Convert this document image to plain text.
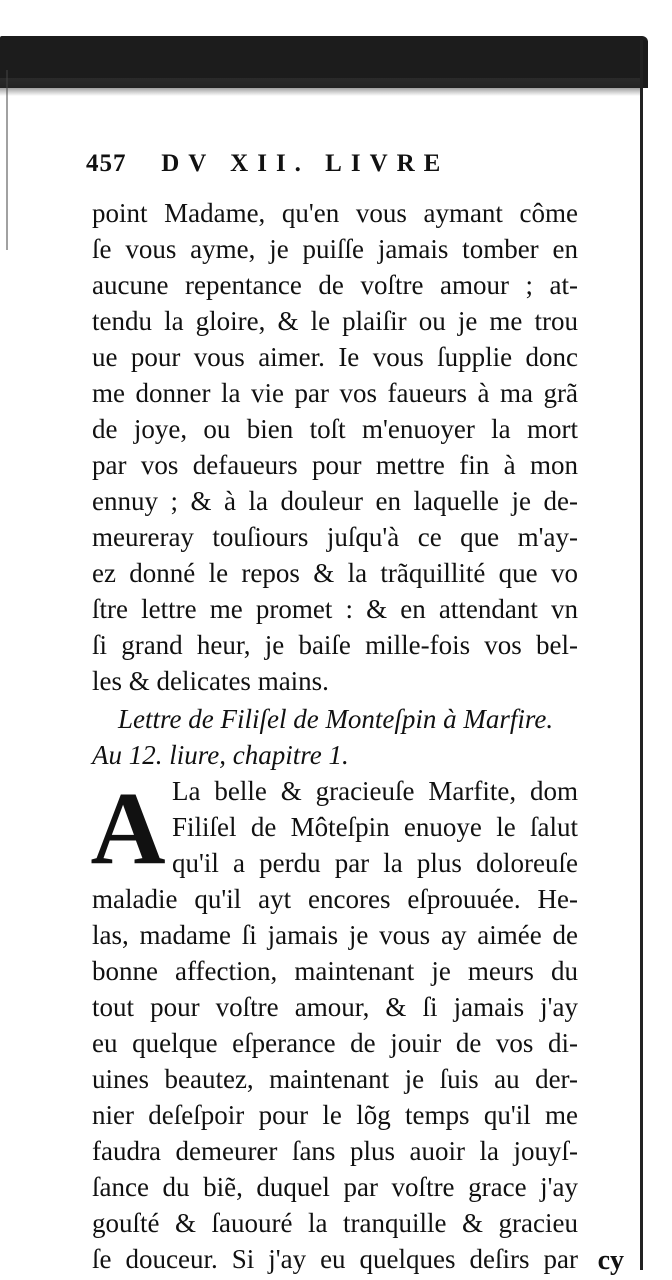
457 DV XII. LIVRE
point Madame, qu'en vous aymant côme
ſe vous ayme, je puiſſe jamais tomber en
aucune repentance de voſtre amour ; at-
tendu la gloire, & le plaiſir ou je me trou
ue pour vous aimer. Ie vous ſupplie donc
me donner la vie par vos faueurs à ma grã
de joye, ou bien toſt m'enuoyer la mort
par vos defaueurs pour mettre fin à mon
ennuy ; & à la douleur en laquelle je de-
meureray touſiours juſqu'à ce que m'ay-
ez donné le repos & la trãquillité que vo
ſtre lettre me promet : & en attendant vn
ſi grand heur, je baiſe mille-fois vos bel-
les & delicates mains.
Lettre de Filiſel de Monteſpin à Marfire.
Au 12. liure, chapitre 1.
A La belle & gracieuſe Marfite, dom
Filiſel de Môteſpin enuoye le ſalut
qu'il a perdu par la plus doloreuſe
maladie qu'il ayt encores eſprouuée. He-
las, madame ſi jamais je vous ay aimée de
bonne affection, maintenant je meurs du
tout pour voſtre amour, & ſi jamais j'ay
eu quelque eſperance de jouir de vos di-
uines beautez, maintenant je ſuis au der-
nier deſeſpoir pour le lõg temps qu'il me
faudra demeurer ſans plus auoir la jouyſ-
ſance du biẽ, duquel par voſtre grace j'ay
gouſté & ſauouré la tranquille & gracieu
ſe douceur. Si j'ay eu quelques deſirs par cy
